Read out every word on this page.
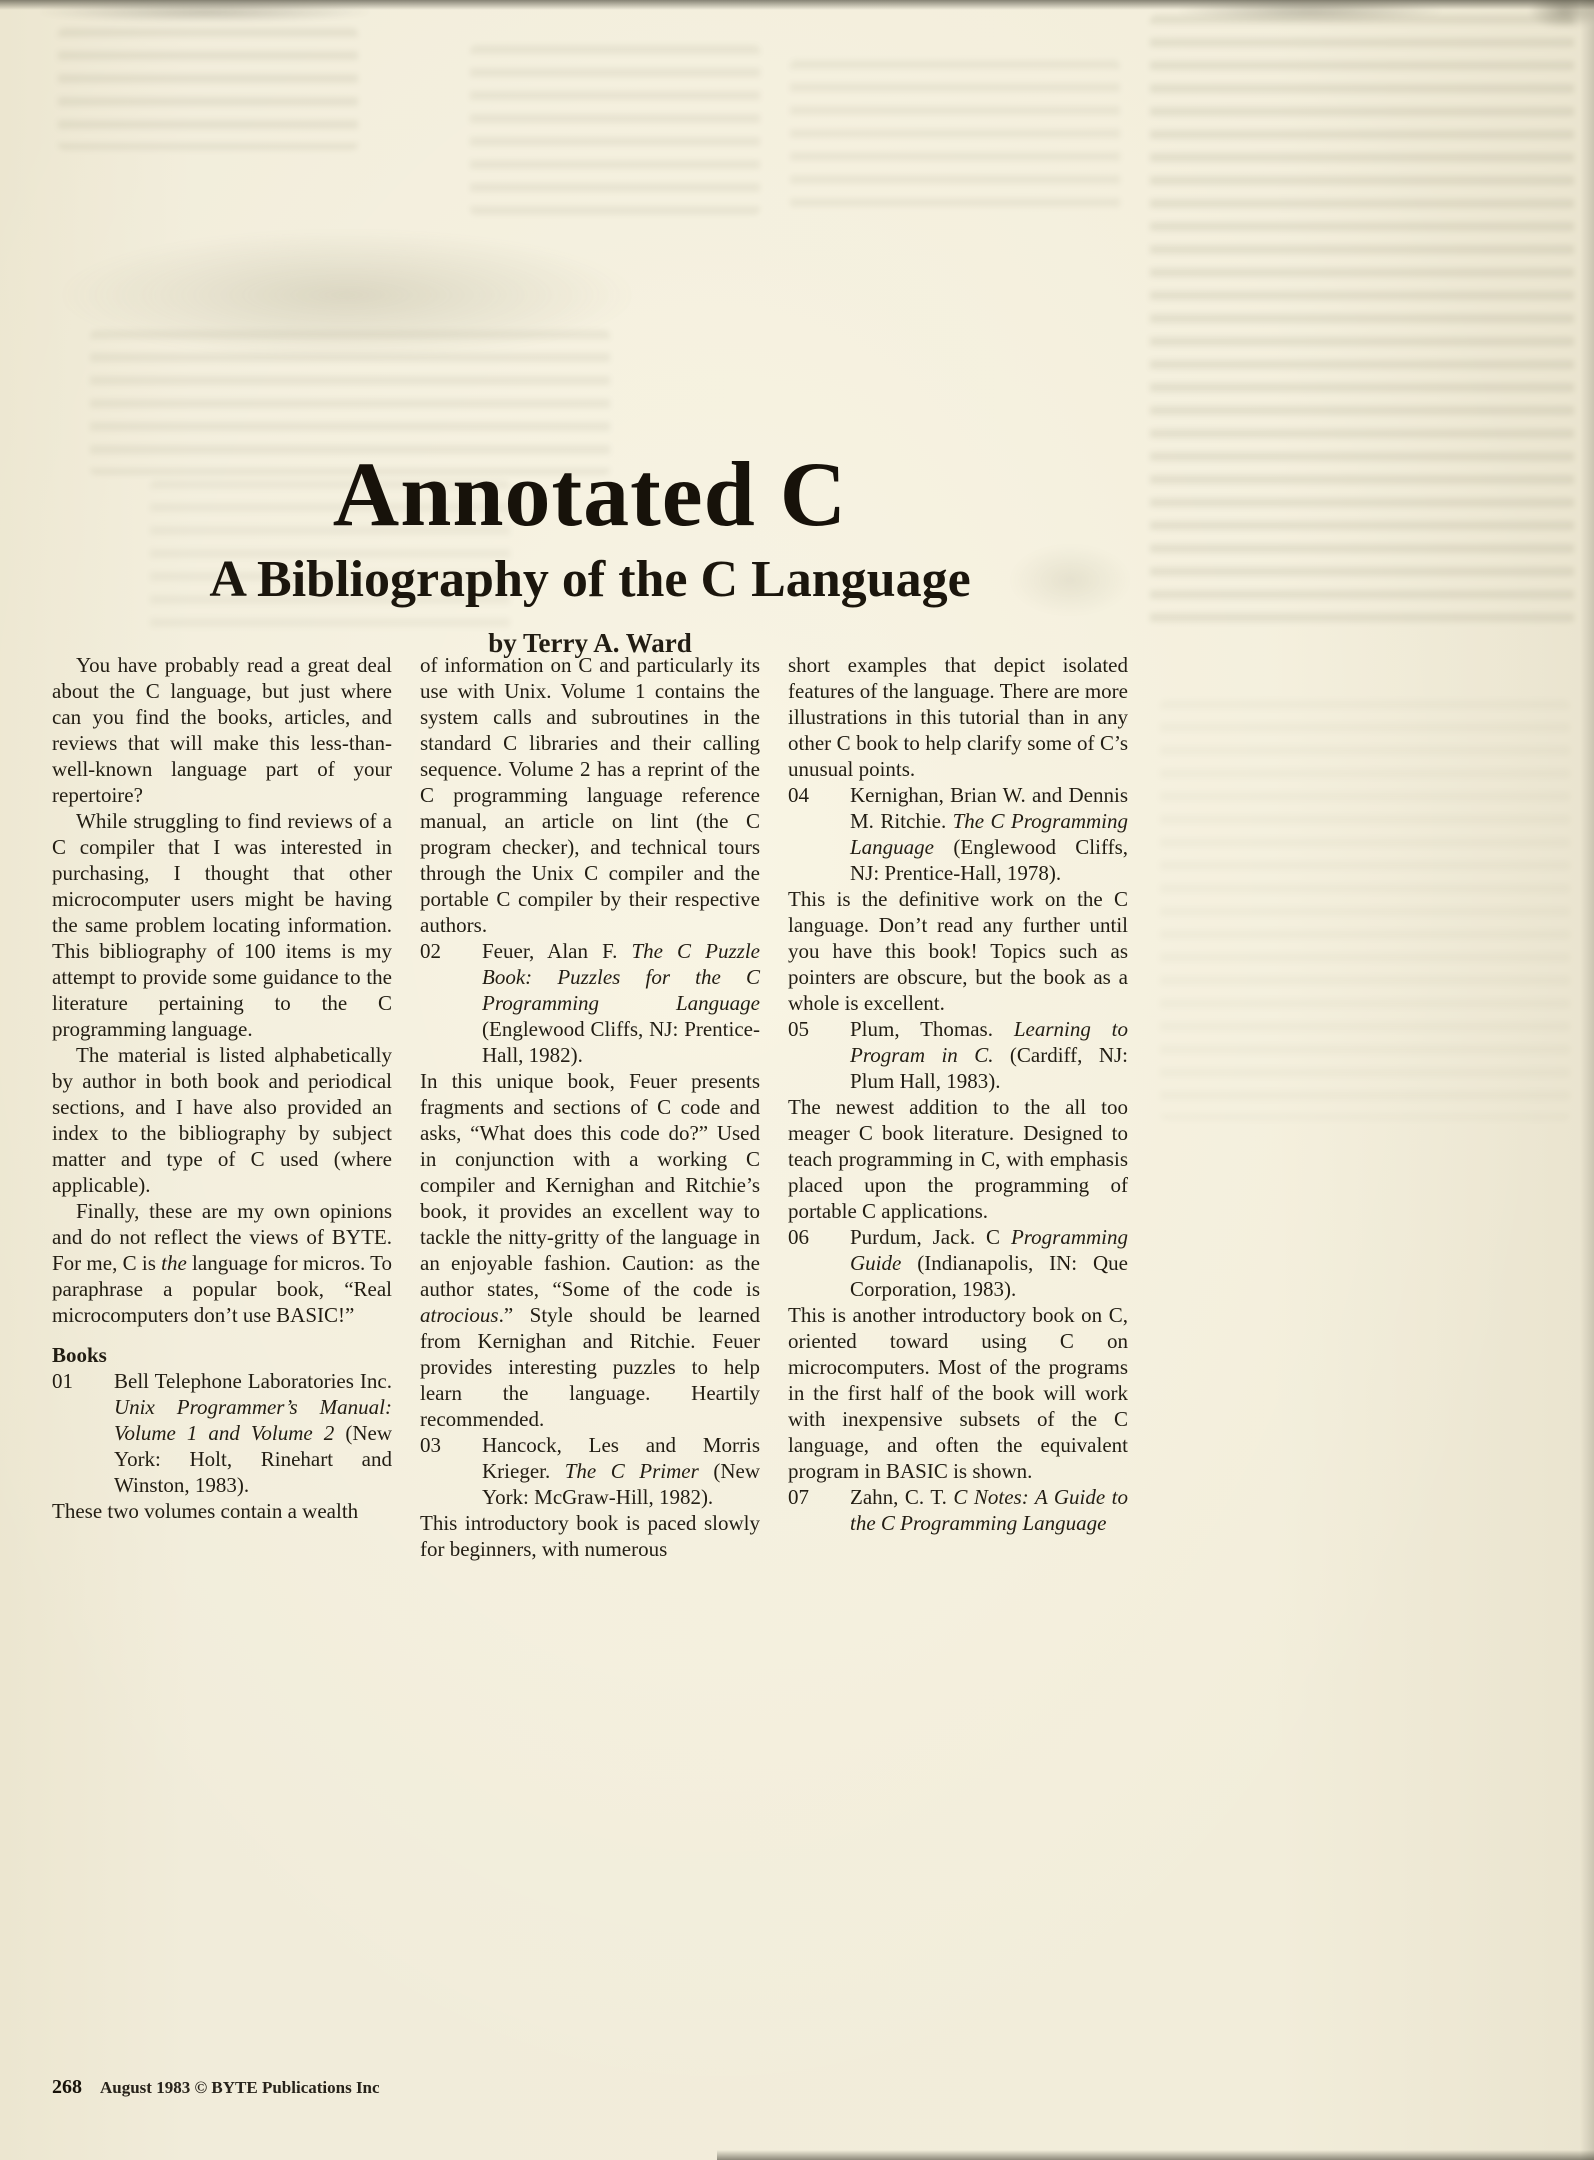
Annotated C
A Bibliography of the C Language
by Terry A. Ward

You have probably read a great deal about the C language, but just where can you find the books, articles, and reviews that will make this less-than-well-known language part of your repertoire?

While struggling to find reviews of a C compiler that I was interested in purchasing, I thought that other microcomputer users might be having the same problem locating information. This bibliography of 100 items is my attempt to provide some guidance to the literature pertaining to the C programming language.

The material is listed alphabetically by author in both book and periodical sections, and I have also provided an index to the bibliography by subject matter and type of C used (where applicable).

Finally, these are my own opinions and do not reflect the views of BYTE. For me, C is the language for micros. To paraphrase a popular book, “Real microcomputers don’t use BASIC!”

Books
01 Bell Telephone Laboratories Inc. Unix Programmer’s Manual: Volume 1 and Volume 2 (New York: Holt, Rinehart and Winston, 1983).

These two volumes contain a wealth

of information on C and particularly its use with Unix. Volume 1 contains the system calls and subroutines in the standard C libraries and their calling sequence. Volume 2 has a reprint of the C programming language reference manual, an article on lint (the C program checker), and technical tours through the Unix C compiler and the portable C compiler by their respective authors.

02 Feuer, Alan F. The C Puzzle Book: Puzzles for the C Programming Language (Englewood Cliffs, NJ: Prentice-Hall, 1982).

In this unique book, Feuer presents fragments and sections of C code and asks, “What does this code do?” Used in conjunction with a working C compiler and Kernighan and Ritchie’s book, it provides an excellent way to tackle the nitty-gritty of the language in an enjoyable fashion. Caution: as the author states, “Some of the code is atrocious.” Style should be learned from Kernighan and Ritchie. Feuer provides interesting puzzles to help learn the language. Heartily recommended.

03 Hancock, Les and Morris Krieger. The C Primer (New York: McGraw-Hill, 1982).

This introductory book is paced slowly for beginners, with numerous

short examples that depict isolated features of the language. There are more illustrations in this tutorial than in any other C book to help clarify some of C’s unusual points.

04 Kernighan, Brian W. and Dennis M. Ritchie. The C Programming Language (Englewood Cliffs, NJ: Prentice-Hall, 1978).

This is the definitive work on the C language. Don’t read any further until you have this book! Topics such as pointers are obscure, but the book as a whole is excellent.

05 Plum, Thomas. Learning to Program in C. (Cardiff, NJ: Plum Hall, 1983).

The newest addition to the all too meager C book literature. Designed to teach programming in C, with emphasis placed upon the programming of portable C applications.

06 Purdum, Jack. C Programming Guide (Indianapolis, IN: Que Corporation, 1983).

This is another introductory book on C, oriented toward using C on microcomputers. Most of the programs in the first half of the book will work with inexpensive subsets of the C language, and often the equivalent program in BASIC is shown.

07 Zahn, C. T. C Notes: A Guide to the C Programming Language
268 August 1983 © BYTE Publications Inc
